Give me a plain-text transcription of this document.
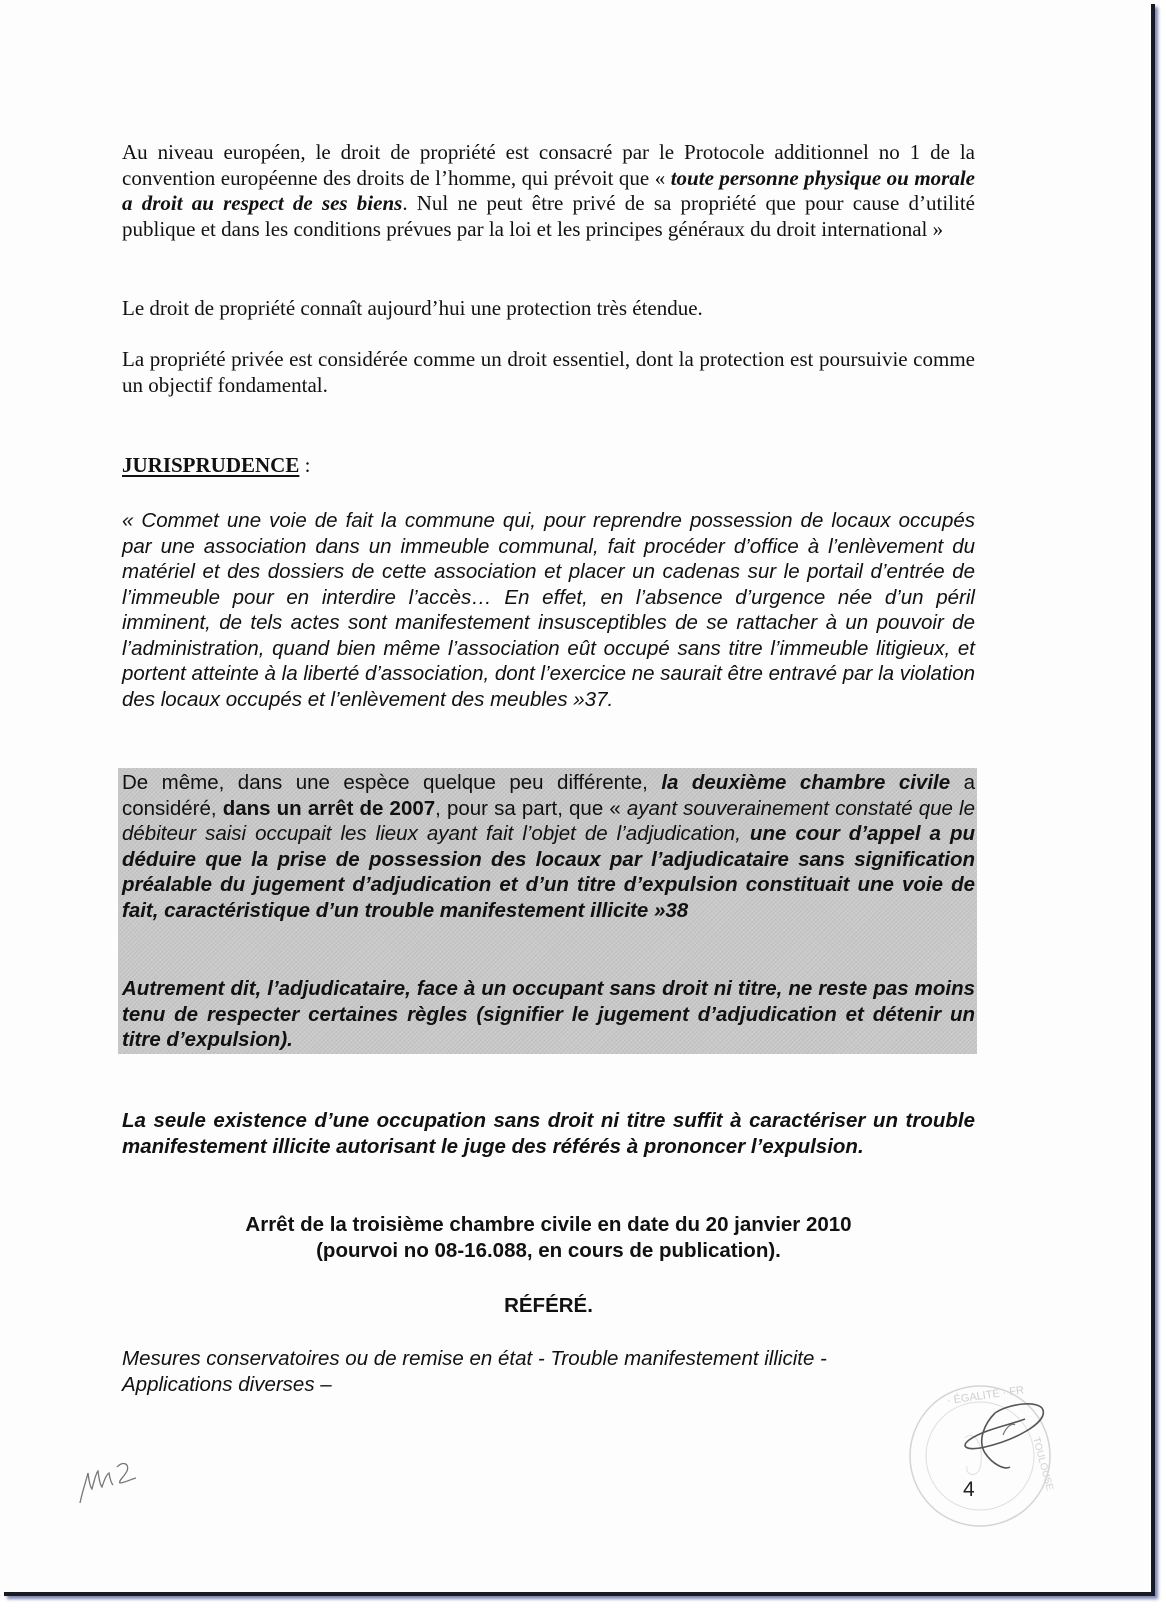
Au niveau européen, le droit de propriété est consacré par le Protocole additionnel no 1 de la convention européenne des droits de l’homme, qui prévoit que « toute personne physique ou morale a droit au respect de ses biens. Nul ne peut être privé de sa propriété que pour cause d’utilité publique et dans les conditions prévues par la loi et les principes généraux du droit international »

Le droit de propriété connaît aujourd’hui une protection très étendue.

La propriété privée est considérée comme un droit essentiel, dont la protection est poursuivie comme un objectif fondamental.

JURISPRUDENCE :

« Commet une voie de fait la commune qui, pour reprendre possession de locaux occupés par une association dans un immeuble communal, fait procéder d’office à l’enlèvement du matériel et des dossiers de cette association et placer un cadenas sur le portail d’entrée de l’immeuble pour en interdire l’accès… En effet, en l’absence d’urgence née d’un péril imminent, de tels actes sont manifestement insusceptibles de se rattacher à un pouvoir de l’administration, quand bien même l’association eût occupé sans titre l’immeuble litigieux, et portent atteinte à la liberté d’association, dont l’exercice ne saurait être entravé par la violation des locaux occupés et l’enlèvement des meubles »37.

De même, dans une espèce quelque peu différente, la deuxième chambre civile a considéré, dans un arrêt de 2007, pour sa part, que « ayant souverainement constaté que le débiteur saisi occupait les lieux ayant fait l’objet de l’adjudication, une cour d’appel a pu déduire que la prise de possession des locaux par l’adjudicataire sans signification préalable du jugement d’adjudication et d’un titre d’expulsion constituait une voie de fait, caractéristique d’un trouble manifestement illicite »38

Autrement dit, l’adjudicataire, face à un occupant sans droit ni titre, ne reste pas moins tenu de respecter certaines règles (signifier le jugement d’adjudication et détenir un titre d’expulsion).

La seule existence d’une occupation sans droit ni titre suffit à caractériser un trouble manifestement illicite autorisant le juge des référés à prononcer l’expulsion.

Arrêt de la troisième chambre civile en date du 20 janvier 2010
(pourvoi no 08-16.088, en cours de publication).

RÉFÉRÉ.

Mesures conservatoires ou de remise en état - Trouble manifestement illicite -
Applications diverses –

· ÉGALITÉ · FR
TOULOUSE
4
